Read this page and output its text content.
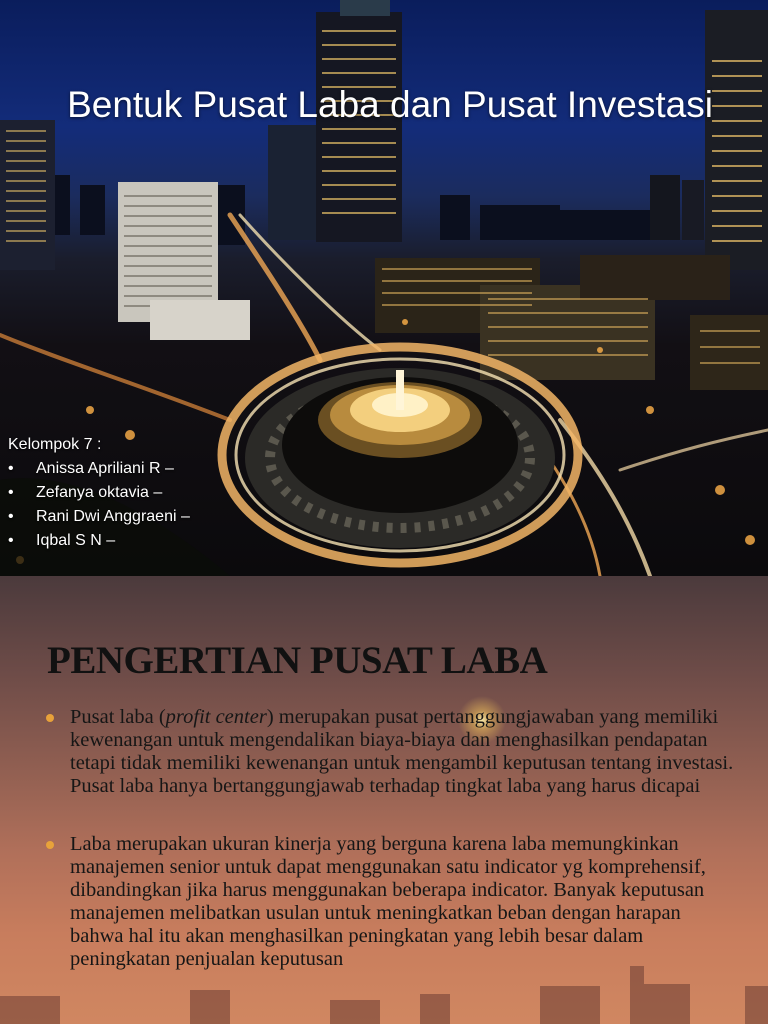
Bentuk Pusat Laba dan Pusat Investasi
Kelompok 7 :
• Anissa Apriliani R –
• Zefanya oktavia –
• Rani Dwi Anggraeni –
• Iqbal S N –
PENGERTIAN PUSAT LABA
Pusat laba (profit center) merupakan pusat pertanggungjawaban yang memiliki kewenangan untuk mengendalikan biaya-biaya dan menghasilkan pendapatan tetapi tidak memiliki kewenangan untuk mengambil keputusan tentang investasi. Pusat laba hanya bertanggungjawab terhadap tingkat laba yang harus dicapai
Laba merupakan ukuran kinerja yang berguna karena laba memungkinkan manajemen senior untuk dapat menggunakan satu indicator yg komprehensif, dibandingkan jika harus menggunakan beberapa indicator. Banyak keputusan manajemen melibatkan usulan untuk meningkatkan beban dengan harapan bahwa hal itu akan menghasilkan peningkatan yang lebih besar dalam peningkatan penjualan keputusan
